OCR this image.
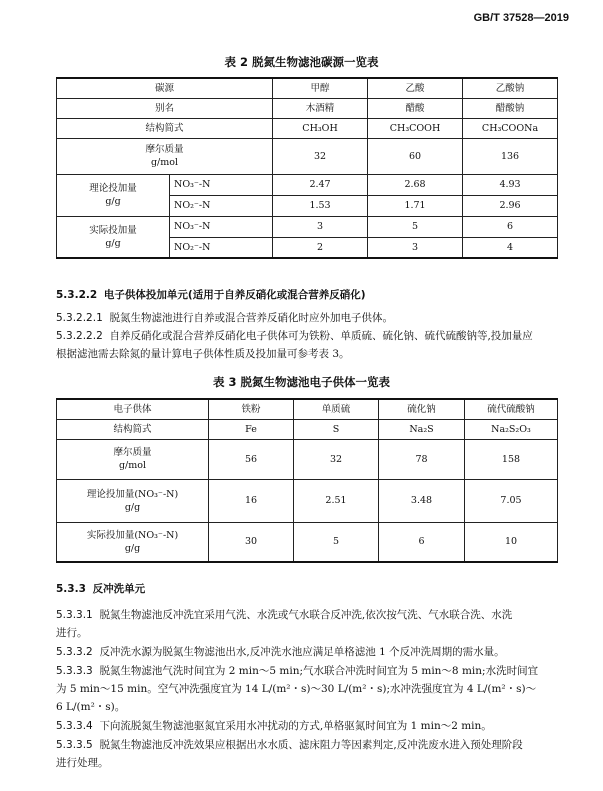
GB/T 37528—2019
表 2 脱氮生物滤池碳源一览表
碳源		甲醇	乙酸	乙酸钠
别名		木酒精	醋酸	醋酸钠
结构简式		CH₃OH	CH₃COOH	CH₃COONa

摩尔质量
g/mol		32	60	136

理论投加量
g/g	NO₃⁻-N	2.47	2.68	4.93
	NO₂⁻-N	1.53	1.71	2.96

实际投加量
g/g	NO₃⁻-N	3	5	6
	NO₂⁻-N	2	3	4
5.3.2.2 电子供体投加单元(适用于自养反硝化或混合营养反硝化)
5.3.2.2.1 脱氮生物滤池进行自养或混合营养反硝化时应外加电子供体。
5.3.2.2.2 自养反硝化或混合营养反硝化电子供体可为铁粉、单质硫、硫化钠、硫代硫酸钠等,投加量应
根据滤池需去除氮的量计算电子供体性质及投加量可参考表 3。
表 3 脱氮生物滤池电子供体一览表
电子供体	铁粉	单质硫	硫化钠	硫代硫酸钠
结构简式	Fe	S	Na₂S	Na₂S₂O₃

摩尔质量
g/mol	56	32	78	158

理论投加量(NO₃⁻-N)
g/g	16	2.51	3.48	7.05

实际投加量(NO₃⁻-N)
g/g	30	5	6	10
5.3.3 反冲洗单元
5.3.3.1 脱氮生物滤池反冲洗宜采用气洗、水洗或气水联合反冲洗,依次按气洗、气水联合洗、水洗
进行。
5.3.3.2 反冲洗水源为脱氮生物滤池出水,反冲洗水池应满足单格滤池 1 个反冲洗周期的需水量。
5.3.3.3 脱氮生物滤池气洗时间宜为 2 min～5 min;气水联合冲洗时间宜为 5 min～8 min;水洗时间宜
为 5 min～15 min。空气冲洗强度宜为 14 L/(m²・s)～30 L/(m²・s);水冲洗强度宜为 4 L/(m²・s)～
6 L/(m²・s)。
5.3.3.4 下向流脱氮生物滤池驱氮宜采用水冲扰动的方式,单格驱氮时间宜为 1 min～2 min。
5.3.3.5 脱氮生物滤池反冲洗效果应根据出水水质、滤床阻力等因素判定,反冲洗废水进入预处理阶段
进行处理。
